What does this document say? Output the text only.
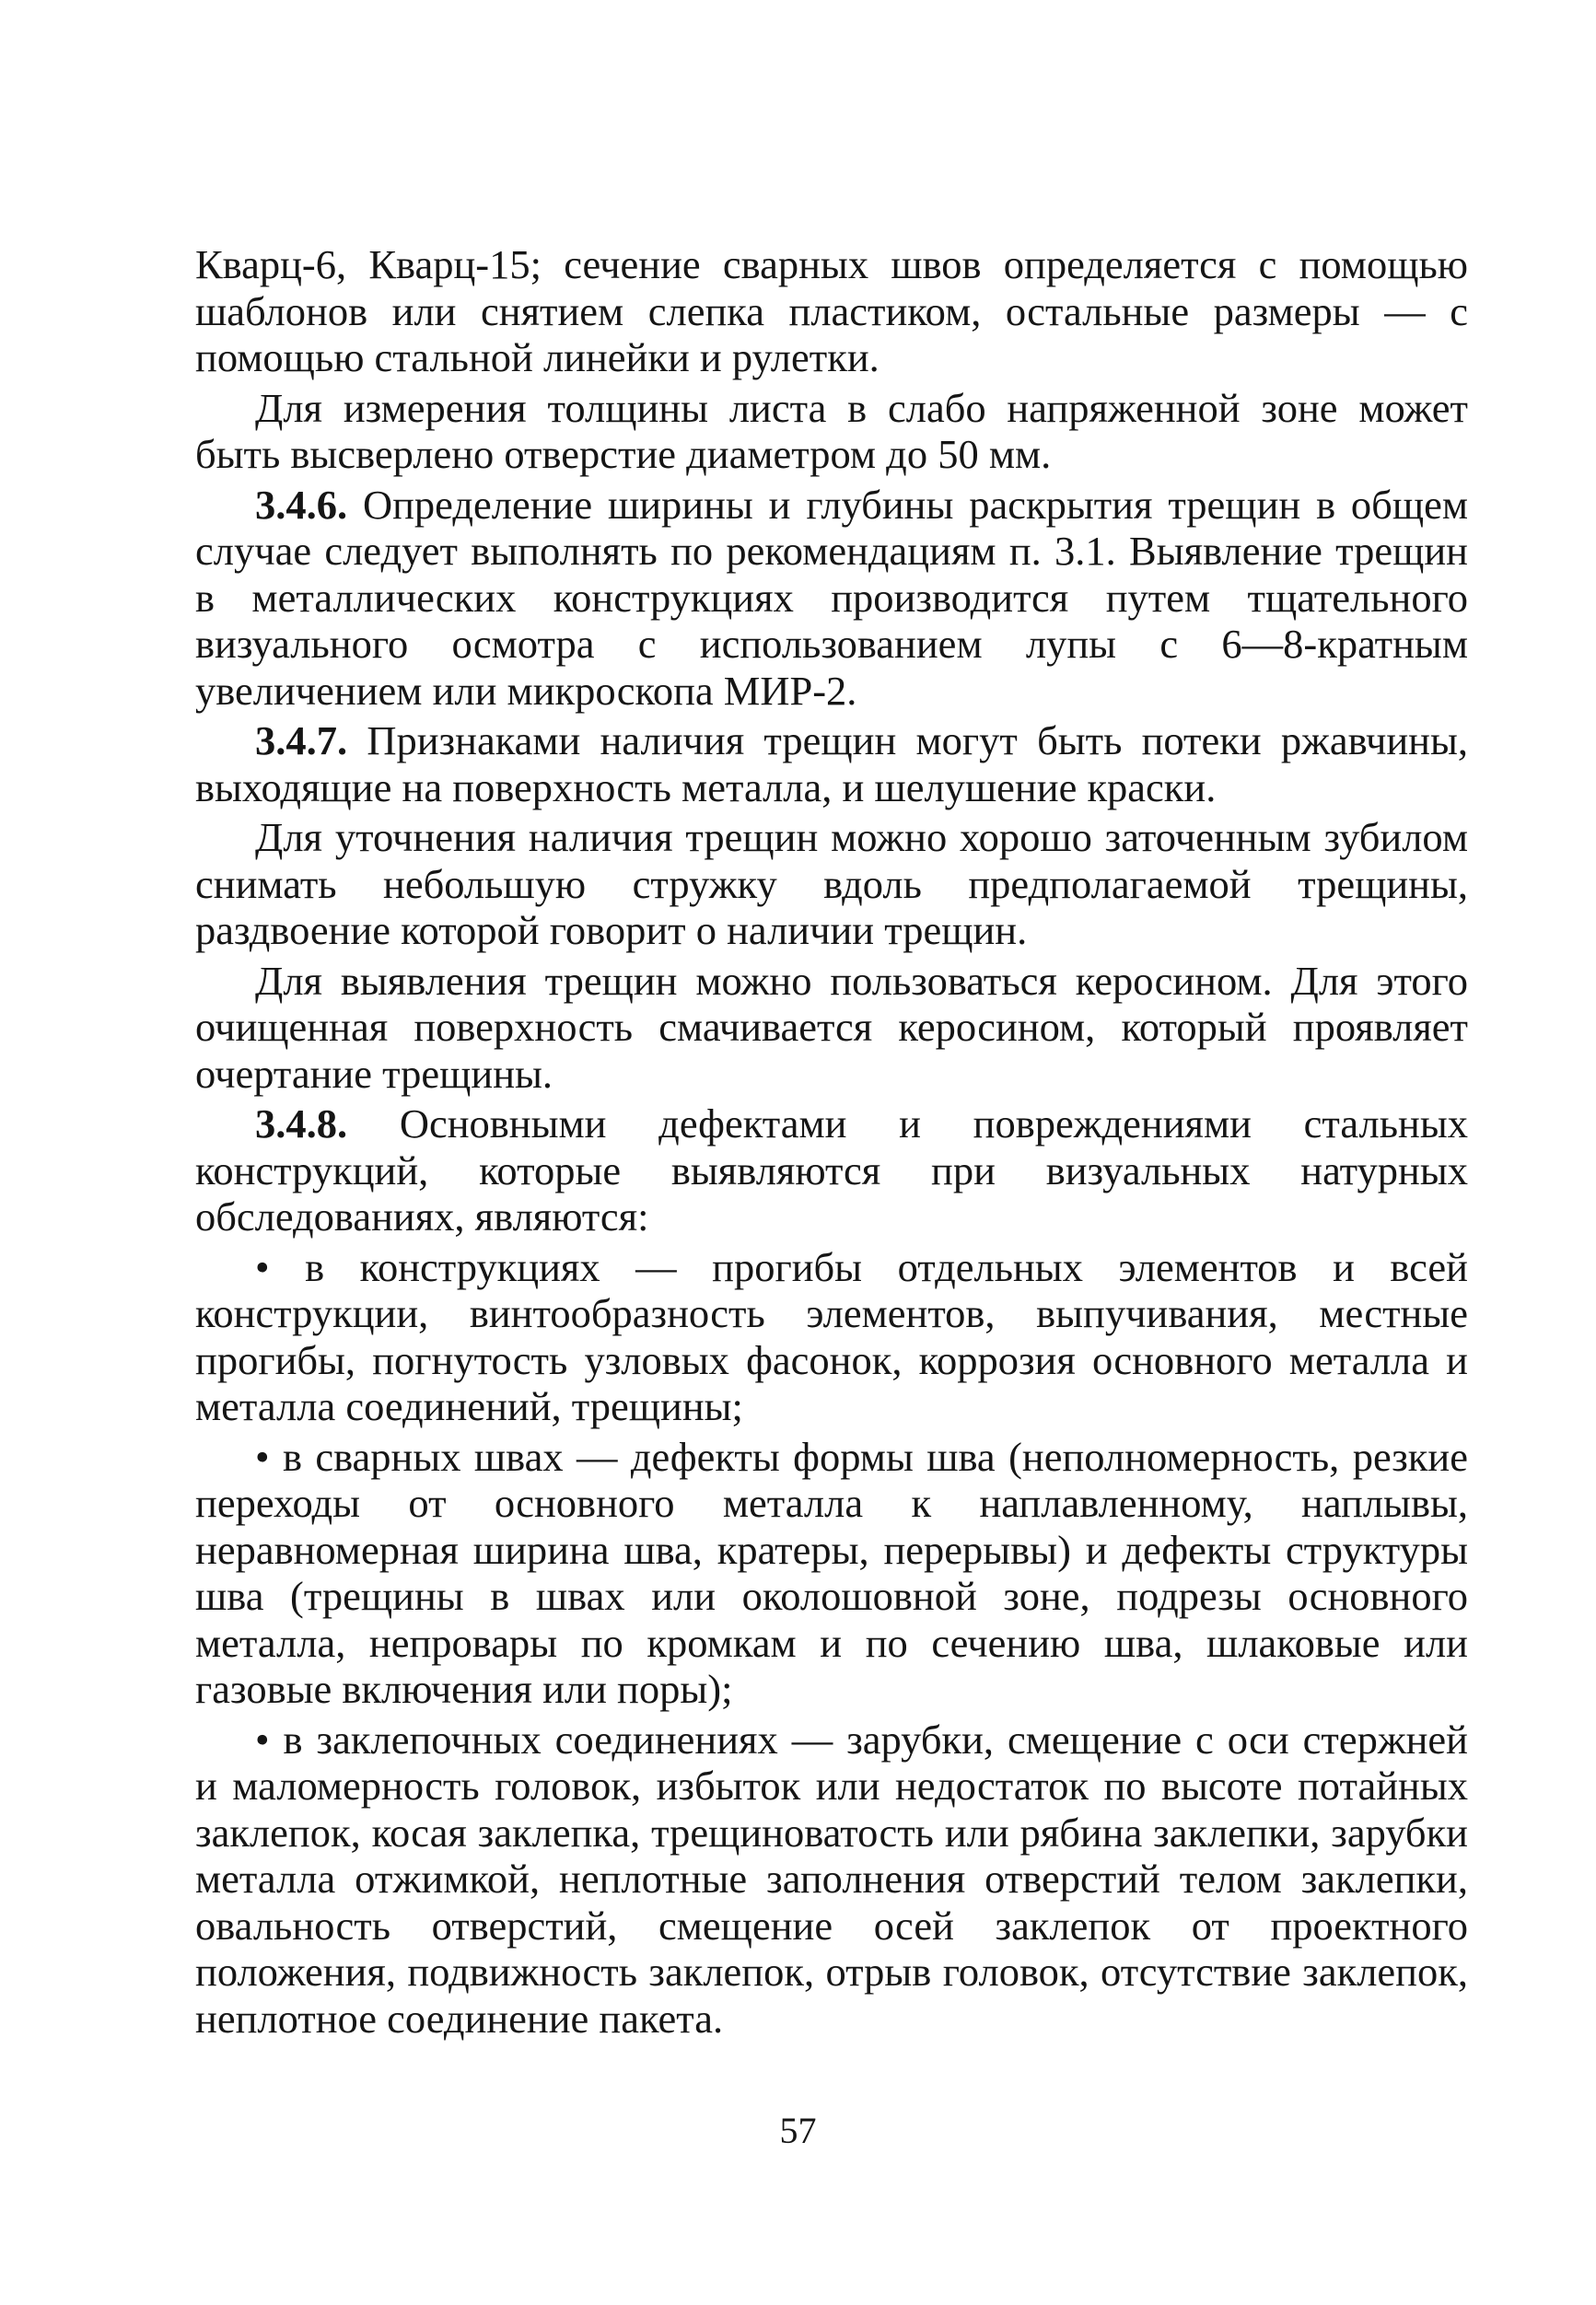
Кварц-6, Кварц-15; сечение сварных швов определяется с помощью шаблонов или снятием слепка пластиком, остальные размеры — с помощью стальной линейки и рулетки.

Для измерения толщины листа в слабо напряженной зоне может быть высверлено отверстие диаметром до 50 мм.

3.4.6. Определение ширины и глубины раскрытия трещин в общем случае следует выполнять по рекомендациям п. 3.1. Выявление трещин в металлических конструкциях производится путем тщательного визуального осмотра с использованием лупы с 6—8-кратным увеличением или микроскопа МИР-2.

3.4.7. Признаками наличия трещин могут быть потеки ржавчины, выходящие на поверхность металла, и шелушение краски.

Для уточнения наличия трещин можно хорошо заточенным зубилом снимать небольшую стружку вдоль предполагаемой трещины, раздвоение которой говорит о наличии трещин.

Для выявления трещин можно пользоваться керосином. Для этого очищенная поверхность смачивается керосином, который проявляет очертание трещины.

3.4.8. Основными дефектами и повреждениями стальных конструкций, которые выявляются при визуальных натурных обследованиях, являются:

• в конструкциях — прогибы отдельных элементов и всей конструкции, винтообразность элементов, выпучивания, местные прогибы, погнутость узловых фасонок, коррозия основного металла и металла соединений, трещины;

• в сварных швах — дефекты формы шва (неполномерность, резкие переходы от основного металла к наплавленному, наплывы, неравномерная ширина шва, кратеры, перерывы) и дефекты структуры шва (трещины в швах или околошовной зоне, подрезы основного металла, непровары по кромкам и по сечению шва, шлаковые или газовые включения или поры);

• в заклепочных соединениях — зарубки, смещение с оси стержней и маломерность головок, избыток или недостаток по высоте потайных заклепок, косая заклепка, трещиноватость или рябина заклепки, зарубки металла отжимкой, неплотные заполнения отверстий телом заклепки, овальность отверстий, смещение осей заклепок от проектного положения, подвижность заклепок, отрыв головок, отсутствие заклепок, неплотное соединение пакета.

57
